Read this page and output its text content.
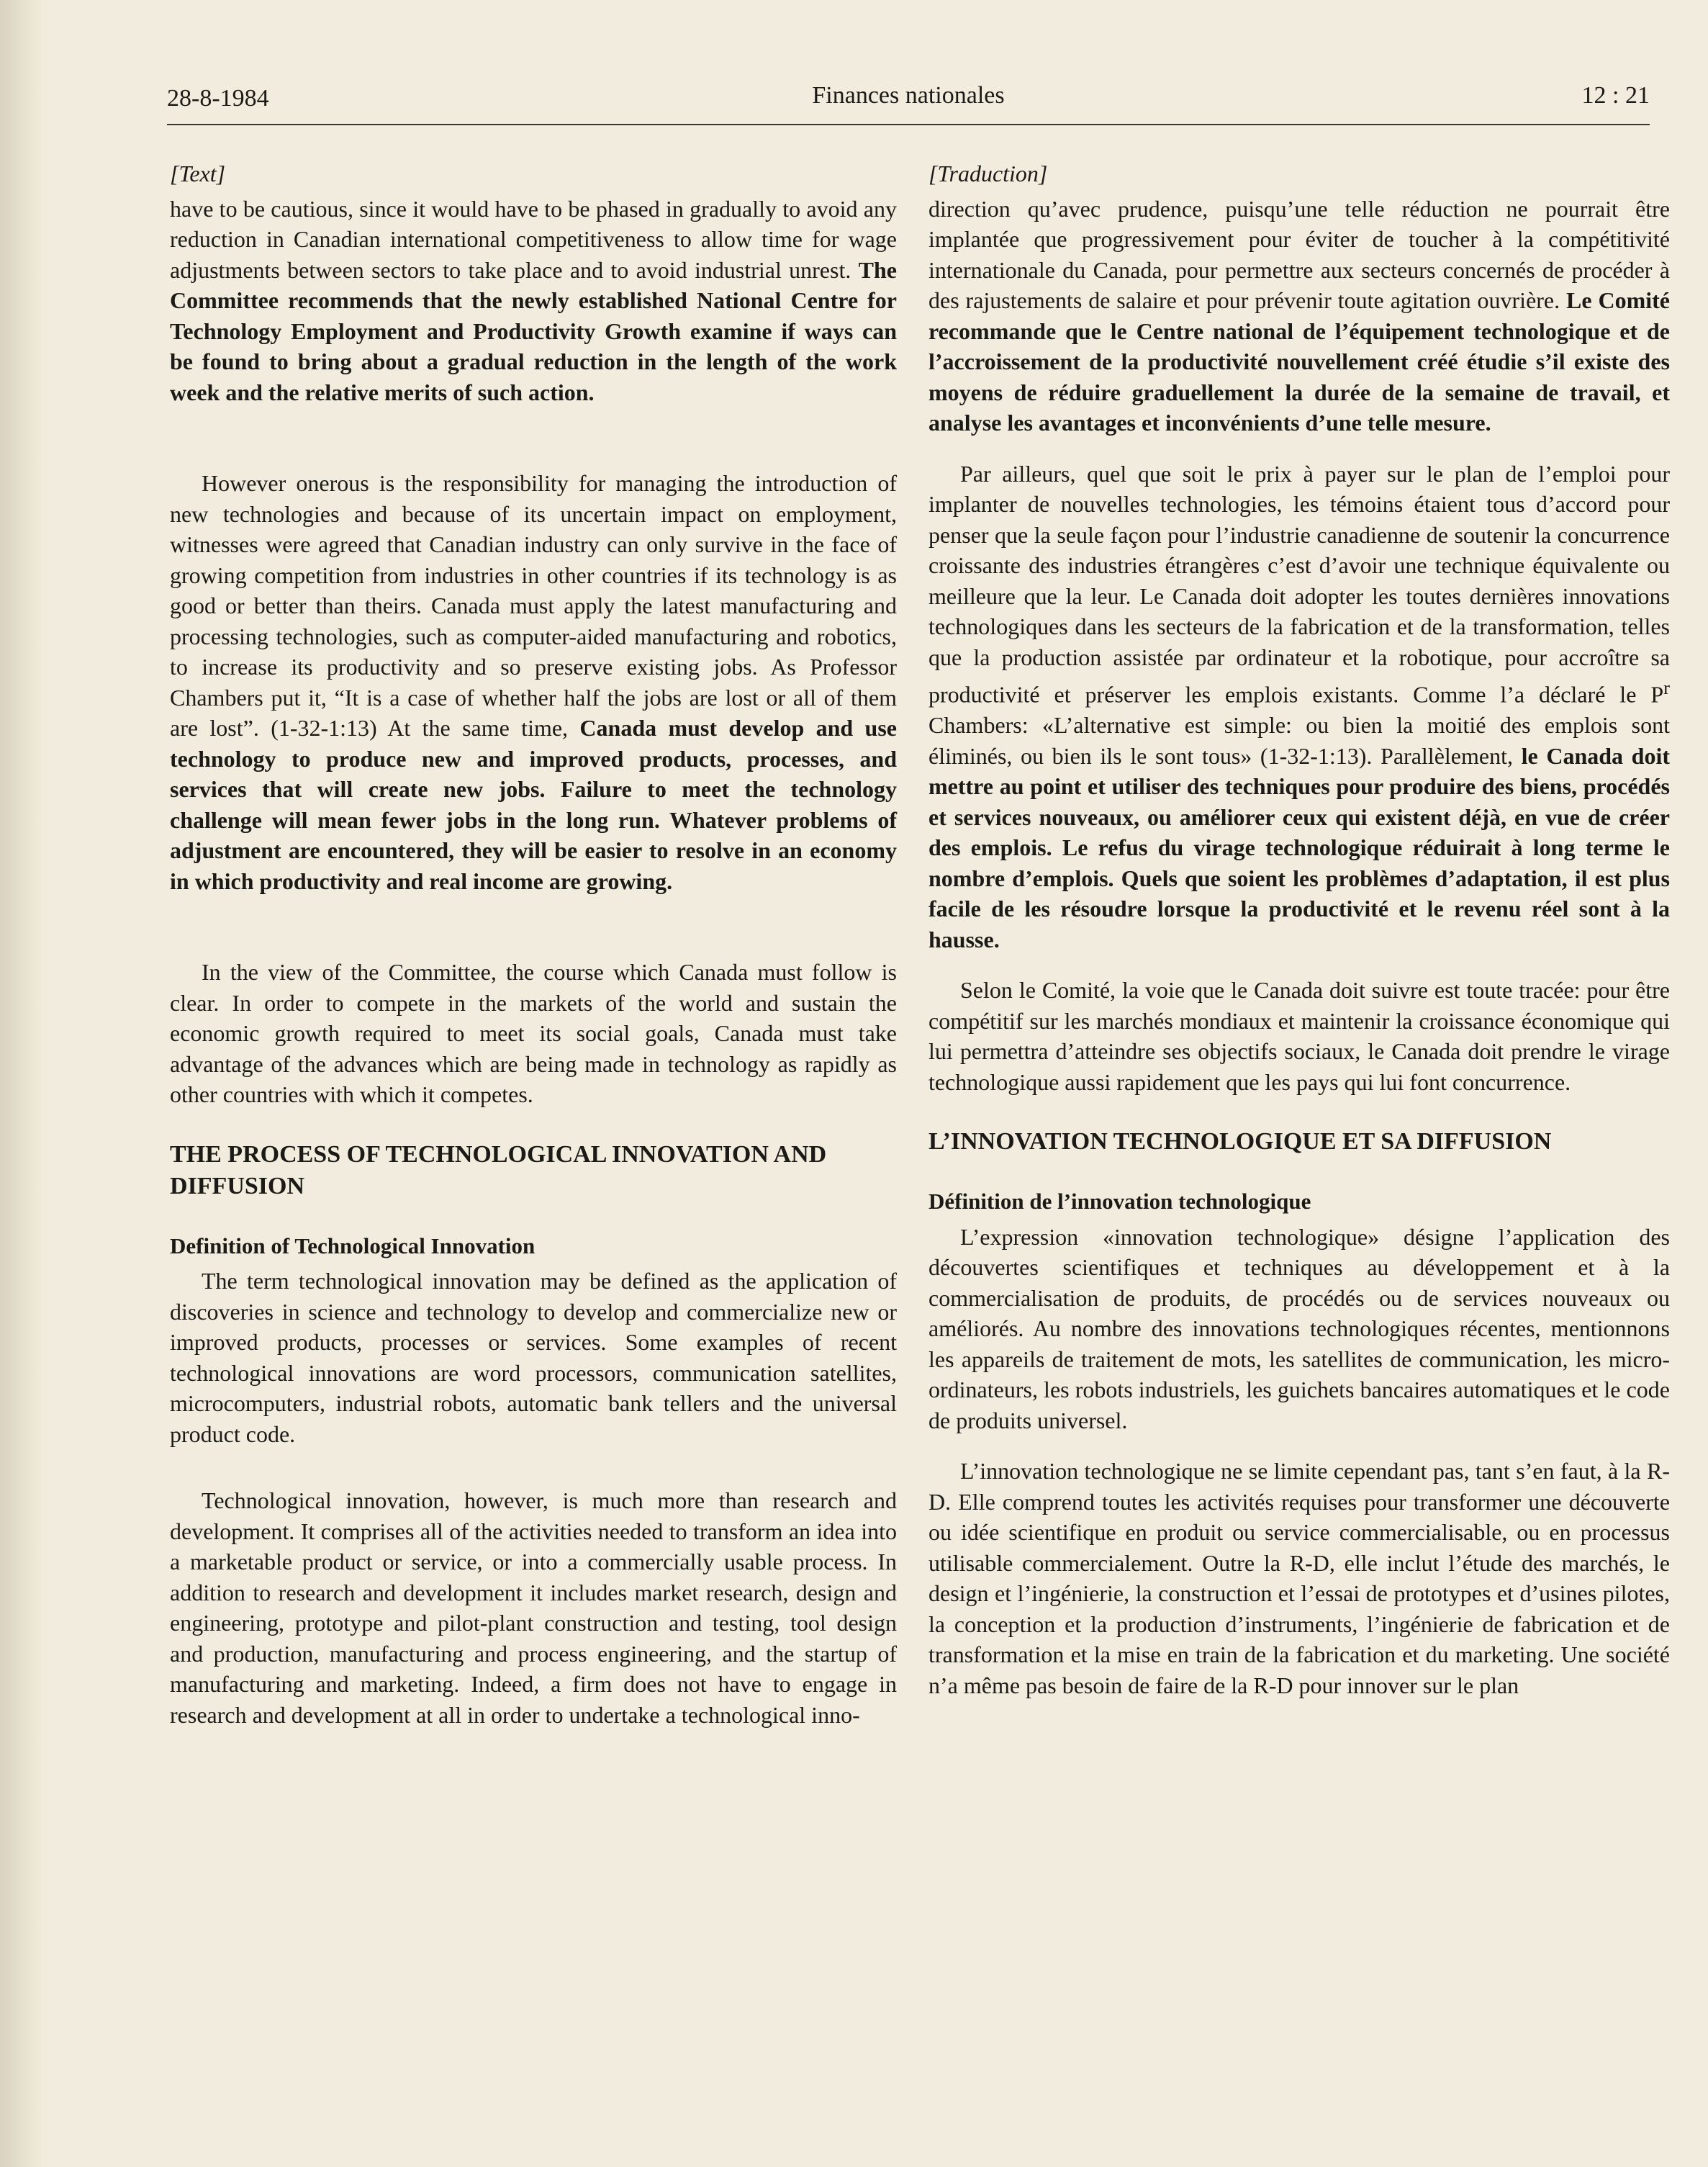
28-8-1984	Finances nationales	12 : 21
[Text]

have to be cautious, since it would have to be phased in gradually to avoid any reduction in Canadian international competitiveness to allow time for wage adjustments between sectors to take place and to avoid industrial unrest. The Committee recommends that the newly established National Centre for Technology Employment and Productivity Growth examine if ways can be found to bring about a gradual reduction in the length of the work week and the relative merits of such action.

However onerous is the responsibility for managing the introduction of new technologies and because of its uncertain impact on employment, witnesses were agreed that Canadian industry can only survive in the face of growing competition from industries in other countries if its technology is as good or better than theirs. Canada must apply the latest manufacturing and processing technologies, such as computer-aided manufacturing and robotics, to increase its productivity and so preserve existing jobs. As Professor Chambers put it, “It is a case of whether half the jobs are lost or all of them are lost”. (1-32-1:13) At the same time, Canada must develop and use technology to produce new and improved products, processes, and services that will create new jobs. Failure to meet the technology challenge will mean fewer jobs in the long run. Whatever problems of adjustment are encountered, they will be easier to resolve in an economy in which productivity and real income are growing.

In the view of the Committee, the course which Canada must follow is clear. In order to compete in the markets of the world and sustain the economic growth required to meet its social goals, Canada must take advantage of the advances which are being made in technology as rapidly as other countries with which it competes.

THE PROCESS OF TECHNOLOGICAL INNOVATION AND DIFFUSION
Definition of Technological Innovation

The term technological innovation may be defined as the application of discoveries in science and technology to develop and commercialize new or improved products, processes or services. Some examples of recent technological innovations are word processors, communication satellites, microcomputers, industrial robots, automatic bank tellers and the universal product code.

Technological innovation, however, is much more than research and development. It comprises all of the activities needed to transform an idea into a marketable product or service, or into a commercially usable process. In addition to research and development it includes market research, design and engineering, prototype and pilot-plant construction and testing, tool design and production, manufacturing and process engineering, and the startup of manufacturing and marketing. Indeed, a firm does not have to engage in research and development at all in order to undertake a technological inno-

[Traduction]

direction qu’avec prudence, puisqu’une telle réduction ne pourrait être implantée que progressivement pour éviter de toucher à la compétitivité internationale du Canada, pour permettre aux secteurs concernés de procéder à des rajustements de salaire et pour prévenir toute agitation ouvrière. Le Comité recommande que le Centre national de l’équipement technologique et de l’accroissement de la productivité nouvellement créé étudie s’il existe des moyens de réduire graduellement la durée de la semaine de travail, et analyse les avantages et inconvénients d’une telle mesure.

Par ailleurs, quel que soit le prix à payer sur le plan de l’emploi pour implanter de nouvelles technologies, les témoins étaient tous d’accord pour penser que la seule façon pour l’industrie canadienne de soutenir la concurrence croissante des industries étrangères c’est d’avoir une technique équivalente ou meilleure que la leur. Le Canada doit adopter les toutes dernières innovations technologiques dans les secteurs de la fabrication et de la transformation, telles que la production assistée par ordinateur et la robotique, pour accroître sa productivité et préserver les emplois existants. Comme l’a déclaré le $P^r$ Chambers: «L’alternative est simple: ou bien la moitié des emplois sont éliminés, ou bien ils le sont tous» (1-32-1:13). Parallèlement, le Canada doit mettre au point et utiliser des techniques pour produire des biens, procédés et services nouveaux, ou améliorer ceux qui existent déjà, en vue de créer des emplois. Le refus du virage technologique réduirait à long terme le nombre d’emplois. Quels que soient les problèmes d’adaptation, il est plus facile de les résoudre lorsque la productivité et le revenu réel sont à la hausse.

Selon le Comité, la voie que le Canada doit suivre est toute tracée: pour être compétitif sur les marchés mondiaux et maintenir la croissance économique qui lui permettra d’atteindre ses objectifs sociaux, le Canada doit prendre le virage technologique aussi rapidement que les pays qui lui font concurrence.

L’INNOVATION TECHNOLOGIQUE ET SA DIFFUSION
Définition de l’innovation technologique

L’expression «innovation technologique» désigne l’application des découvertes scientifiques et techniques au développement et à la commercialisation de produits, de procédés ou de services nouveaux ou améliorés. Au nombre des innovations technologiques récentes, mentionnons les appareils de traitement de mots, les satellites de communication, les micro-ordinateurs, les robots industriels, les guichets bancaires automatiques et le code de produits universel.

L’innovation technologique ne se limite cependant pas, tant s’en faut, à la R-D. Elle comprend toutes les activités requises pour transformer une découverte ou idée scientifique en produit ou service commercialisable, ou en processus utilisable commercialement. Outre la R-D, elle inclut l’étude des marchés, le design et l’ingénierie, la construction et l’essai de prototypes et d’usines pilotes, la conception et la production d’instruments, l’ingénierie de fabrication et de transformation et la mise en train de la fabrication et du marketing. Une société n’a même pas besoin de faire de la R-D pour innover sur le plan
